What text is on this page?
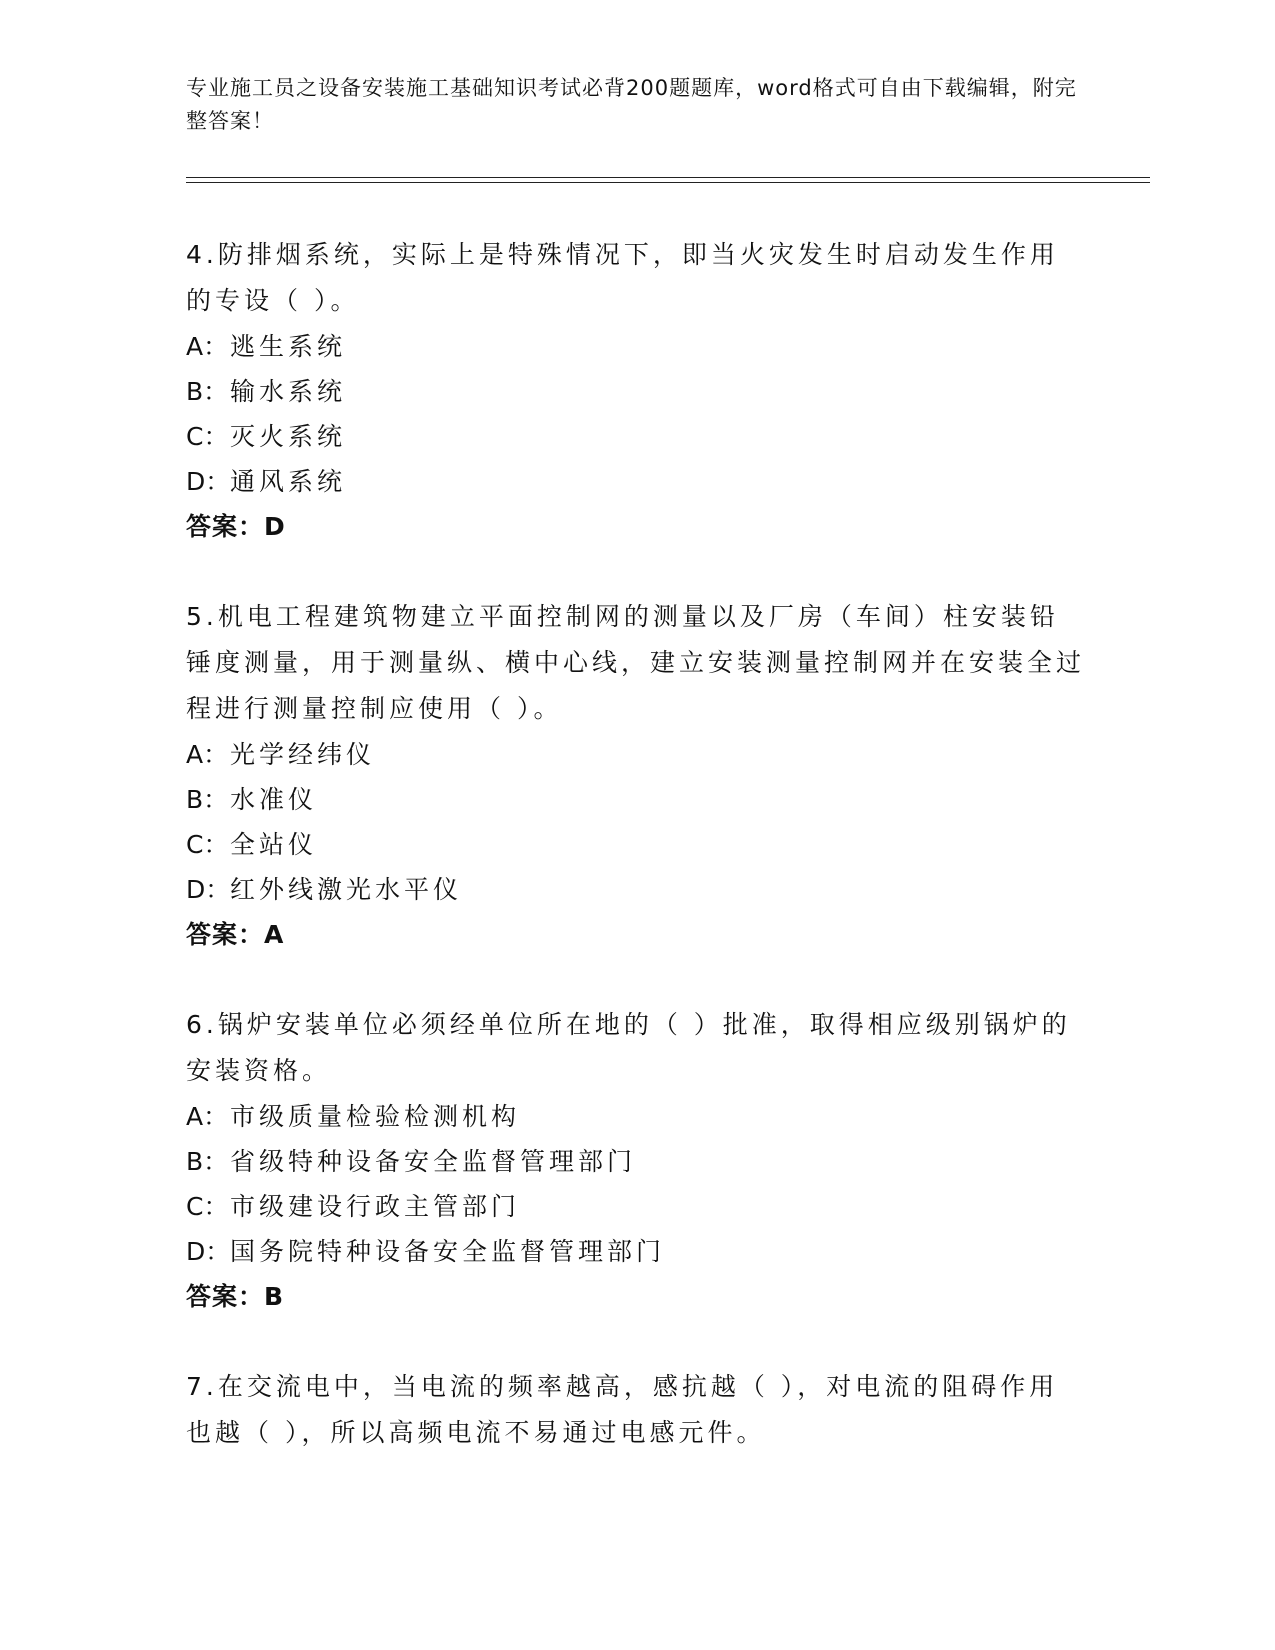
专业施工员之设备安装施工基础知识考试必背200题题库，word格式可自由下载编辑，附完整答案！
4.防排烟系统，实际上是特殊情况下，即当火灾发生时启动发生作用的专设（ ）。
A：逃生系统
B：输水系统
C：灭火系统
D：通风系统
答案：D
5.机电工程建筑物建立平面控制网的测量以及厂房（车间）柱安装铅锤度测量，用于测量纵、横中心线，建立安装测量控制网并在安装全过程进行测量控制应使用（ ）。
A：光学经纬仪
B：水准仪
C：全站仪
D：红外线激光水平仪
答案：A
6.锅炉安装单位必须经单位所在地的（ ）批准，取得相应级别锅炉的安装资格。
A：市级质量检验检测机构
B：省级特种设备安全监督管理部门
C：市级建设行政主管部门
D：国务院特种设备安全监督管理部门
答案：B
7.在交流电中，当电流的频率越高，感抗越（ ），对电流的阻碍作用也越（ ），所以高频电流不易通过电感元件。
